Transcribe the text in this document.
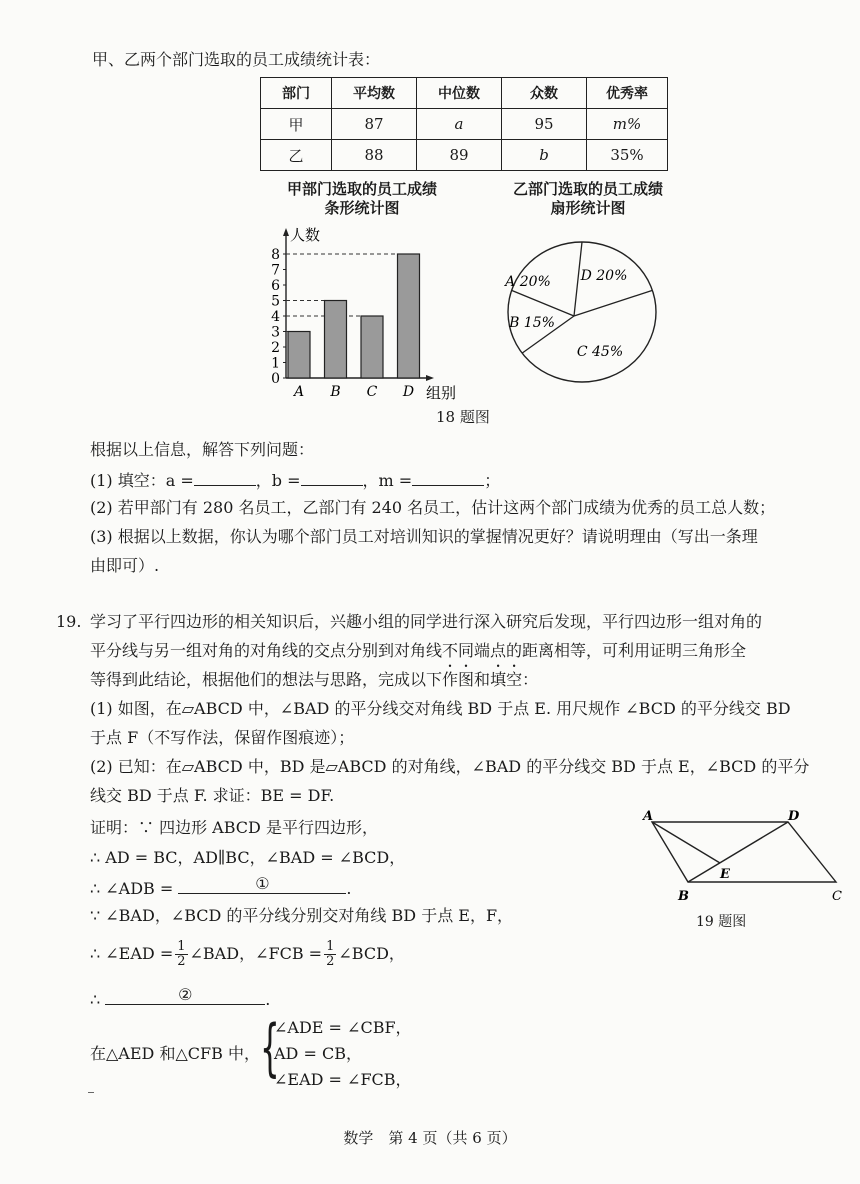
甲、乙两个部门选取的员工成绩统计表：
部门	平均数	中位数	众数	优秀率
甲	87	a	95	m%
乙	88	89	b	35%
甲部门选取的员工成绩
条形统计图
乙部门选取的员工成绩
扇形统计图
0
1
2
3
4
5
6
7
8
A B C D
人数
组别
A 20% D 20%
C 45%
B 15%
18 题图
根据以上信息，解答下列问题：
(1) 填空：a =	，b =	，m =	；
(2) 若甲部门有 280 名员工，乙部门有 240 名员工，估计这两个部门成绩为优秀的员工总人数；
(3) 根据以上数据，你认为哪个部门员工对培训知识的掌握情况更好？请说明理由（写出一条理
由即可）.
19. 学习了平行四边形的相关知识后，兴趣小组的同学进行深入研究后发现，平行四边形一组对角的
平分线与另一组对角的对角线的交点分别到对角线不同端点的距离相等，可利用证明三角形全
等得到此结论，根据他们的想法与思路，完成以下作图和填空：
(1) 如图，在▱ABCD 中，∠BAD 的平分线交对角线 BD 于点 E. 用尺规作 ∠BCD 的平分线交 BD
于点 F（不写作法，保留作图痕迹）；
(2) 已知：在▱ABCD 中，BD 是▱ABCD 的对角线，∠BAD 的平分线交 BD 于点 E，∠BCD 的平分
线交 BD 于点 F. 求证：BE = DF.
证明：∵ 四边形 ABCD 是平行四边形，
∴ AD = BC，AD∥BC，∠BAD = ∠BCD，
∴ ∠ADB =	①	.
∵ ∠BAD，∠BCD 的平分线分别交对角线 BD 于点 E，F，
∴ ∠EAD = $\frac{1}{2}$ ∠BAD，∠FCB = $\frac{1}{2}$ ∠BCD，
∴	②	.
在△AED 和△CFB 中， {
∠ADE = ∠CBF，
AD = CB，
∠EAD = ∠FCB，
A	D
B	C
E
19 题图
数学　第 4 页（共 6 页）
